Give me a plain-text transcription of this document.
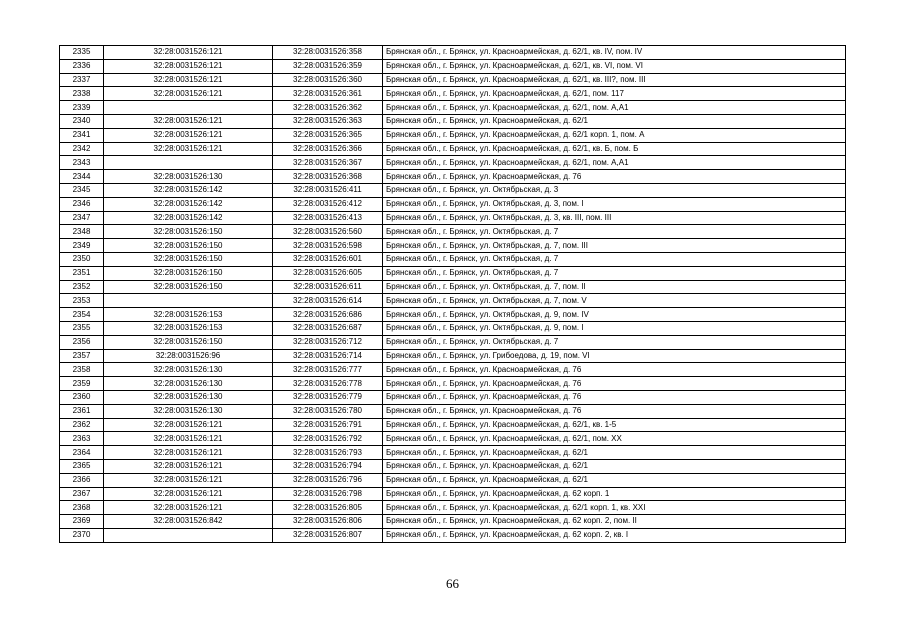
2335	32:28:0031526:121	32:28:0031526:358	Брянская обл., г. Брянск, ул. Красноармейская, д. 62/1, кв. IV, пом. IV
2336	32:28:0031526:121	32:28:0031526:359	Брянская обл., г. Брянск, ул. Красноармейская, д. 62/1, кв. VI, пом. VI
2337	32:28:0031526:121	32:28:0031526:360	Брянская обл., г. Брянск, ул. Красноармейская, д. 62/1, кв. III?, пом. III
2338	32:28:0031526:121	32:28:0031526:361	Брянская обл., г. Брянск, ул. Красноармейская, д. 62/1, пом. 117
2339		32:28:0031526:362	Брянская обл., г. Брянск, ул. Красноармейская, д. 62/1, пом. А,А1
2340	32:28:0031526:121	32:28:0031526:363	Брянская обл., г. Брянск, ул. Красноармейская, д. 62/1
2341	32:28:0031526:121	32:28:0031526:365	Брянская обл., г. Брянск, ул. Красноармейская, д. 62/1 корп. 1, пом. А
2342	32:28:0031526:121	32:28:0031526:366	Брянская обл., г. Брянск, ул. Красноармейская, д. 62/1, кв. Б, пом. Б
2343		32:28:0031526:367	Брянская обл., г. Брянск, ул. Красноармейская, д. 62/1, пом. А,А1
2344	32:28:0031526:130	32:28:0031526:368	Брянская обл., г. Брянск, ул. Красноармейская, д. 76
2345	32:28:0031526:142	32:28:0031526:411	Брянская обл., г. Брянск, ул. Октябрьская, д. 3
2346	32:28:0031526:142	32:28:0031526:412	Брянская обл., г. Брянск, ул. Октябрьская, д. 3, пом. I
2347	32:28:0031526:142	32:28:0031526:413	Брянская обл., г. Брянск, ул. Октябрьская, д. 3, кв. III, пом. III
2348	32:28:0031526:150	32:28:0031526:560	Брянская обл., г. Брянск, ул. Октябрьская, д. 7
2349	32:28:0031526:150	32:28:0031526:598	Брянская обл., г. Брянск, ул. Октябрьская, д. 7, пом. III
2350	32:28:0031526:150	32:28:0031526:601	Брянская обл., г. Брянск, ул. Октябрьская, д. 7
2351	32:28:0031526:150	32:28:0031526:605	Брянская обл., г. Брянск, ул. Октябрьская, д. 7
2352	32:28:0031526:150	32:28:0031526:611	Брянская обл., г. Брянск, ул. Октябрьская, д. 7, пом. II
2353		32:28:0031526:614	Брянская обл., г. Брянск, ул. Октябрьская, д. 7, пом. V
2354	32:28:0031526:153	32:28:0031526:686	Брянская обл., г. Брянск, ул. Октябрьская, д. 9, пом. IV
2355	32:28:0031526:153	32:28:0031526:687	Брянская обл., г. Брянск, ул. Октябрьская, д. 9, пом. I
2356	32:28:0031526:150	32:28:0031526:712	Брянская обл., г. Брянск, ул. Октябрьская, д. 7
2357	32:28:0031526:96	32:28:0031526:714	Брянская обл., г. Брянск, ул. Грибоедова, д. 19, пом. VI
2358	32:28:0031526:130	32:28:0031526:777	Брянская обл., г. Брянск, ул. Красноармейская, д. 76
2359	32:28:0031526:130	32:28:0031526:778	Брянская обл., г. Брянск, ул. Красноармейская, д. 76
2360	32:28:0031526:130	32:28:0031526:779	Брянская обл., г. Брянск, ул. Красноармейская, д. 76
2361	32:28:0031526:130	32:28:0031526:780	Брянская обл., г. Брянск, ул. Красноармейская, д. 76
2362	32:28:0031526:121	32:28:0031526:791	Брянская обл., г. Брянск, ул. Красноармейская, д. 62/1, кв. 1-5
2363	32:28:0031526:121	32:28:0031526:792	Брянская обл., г. Брянск, ул. Красноармейская, д. 62/1, пом. XX
2364	32:28:0031526:121	32:28:0031526:793	Брянская обл., г. Брянск, ул. Красноармейская, д. 62/1
2365	32:28:0031526:121	32:28:0031526:794	Брянская обл., г. Брянск, ул. Красноармейская, д. 62/1
2366	32:28:0031526:121	32:28:0031526:796	Брянская обл., г. Брянск, ул. Красноармейская, д. 62/1
2367	32:28:0031526:121	32:28:0031526:798	Брянская обл., г. Брянск, ул. Красноармейская, д. 62 корп. 1
2368	32:28:0031526:121	32:28:0031526:805	Брянская обл., г. Брянск, ул. Красноармейская, д. 62/1 корп. 1, кв. XXI
2369	32:28:0031526:842	32:28:0031526:806	Брянская обл., г. Брянск, ул. Красноармейская, д. 62 корп. 2, пом. II
2370		32:28:0031526:807	Брянская обл., г. Брянск, ул. Красноармейская, д. 62 корп. 2, кв. I
66
